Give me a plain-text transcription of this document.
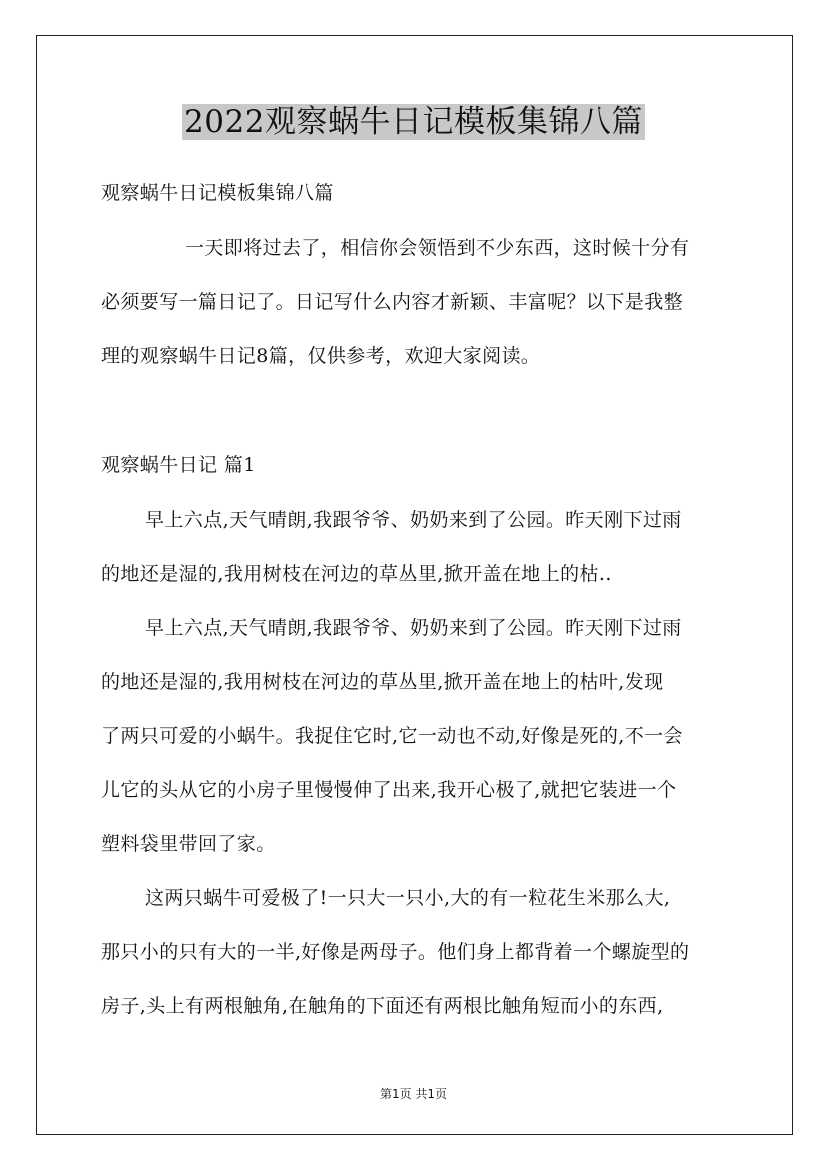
2022观察蜗牛日记模板集锦八篇
观察蜗牛日记模板集锦八篇
一天即将过去了，相信你会领悟到不少东西，这时候十分有
必须要写一篇日记了。日记写什么内容才新颖、丰富呢？以下是我整
理的观察蜗牛日记8篇，仅供参考，欢迎大家阅读。
观察蜗牛日记 篇1
早上六点,天气晴朗,我跟爷爷、奶奶来到了公园。昨天刚下过雨
的地还是湿的,我用树枝在河边的草丛里,掀开盖在地上的枯..
早上六点,天气晴朗,我跟爷爷、奶奶来到了公园。昨天刚下过雨
的地还是湿的,我用树枝在河边的草丛里,掀开盖在地上的枯叶,发现
了两只可爱的小蜗牛。我捉住它时,它一动也不动,好像是死的,不一会
儿它的头从它的小房子里慢慢伸了出来,我开心极了,就把它装进一个
塑料袋里带回了家。
这两只蜗牛可爱极了!一只大一只小,大的有一粒花生米那么大,
那只小的只有大的一半,好像是两母子。他们身上都背着一个螺旋型的
房子,头上有两根触角,在触角的下面还有两根比触角短而小的东西,
第1页 共1页
